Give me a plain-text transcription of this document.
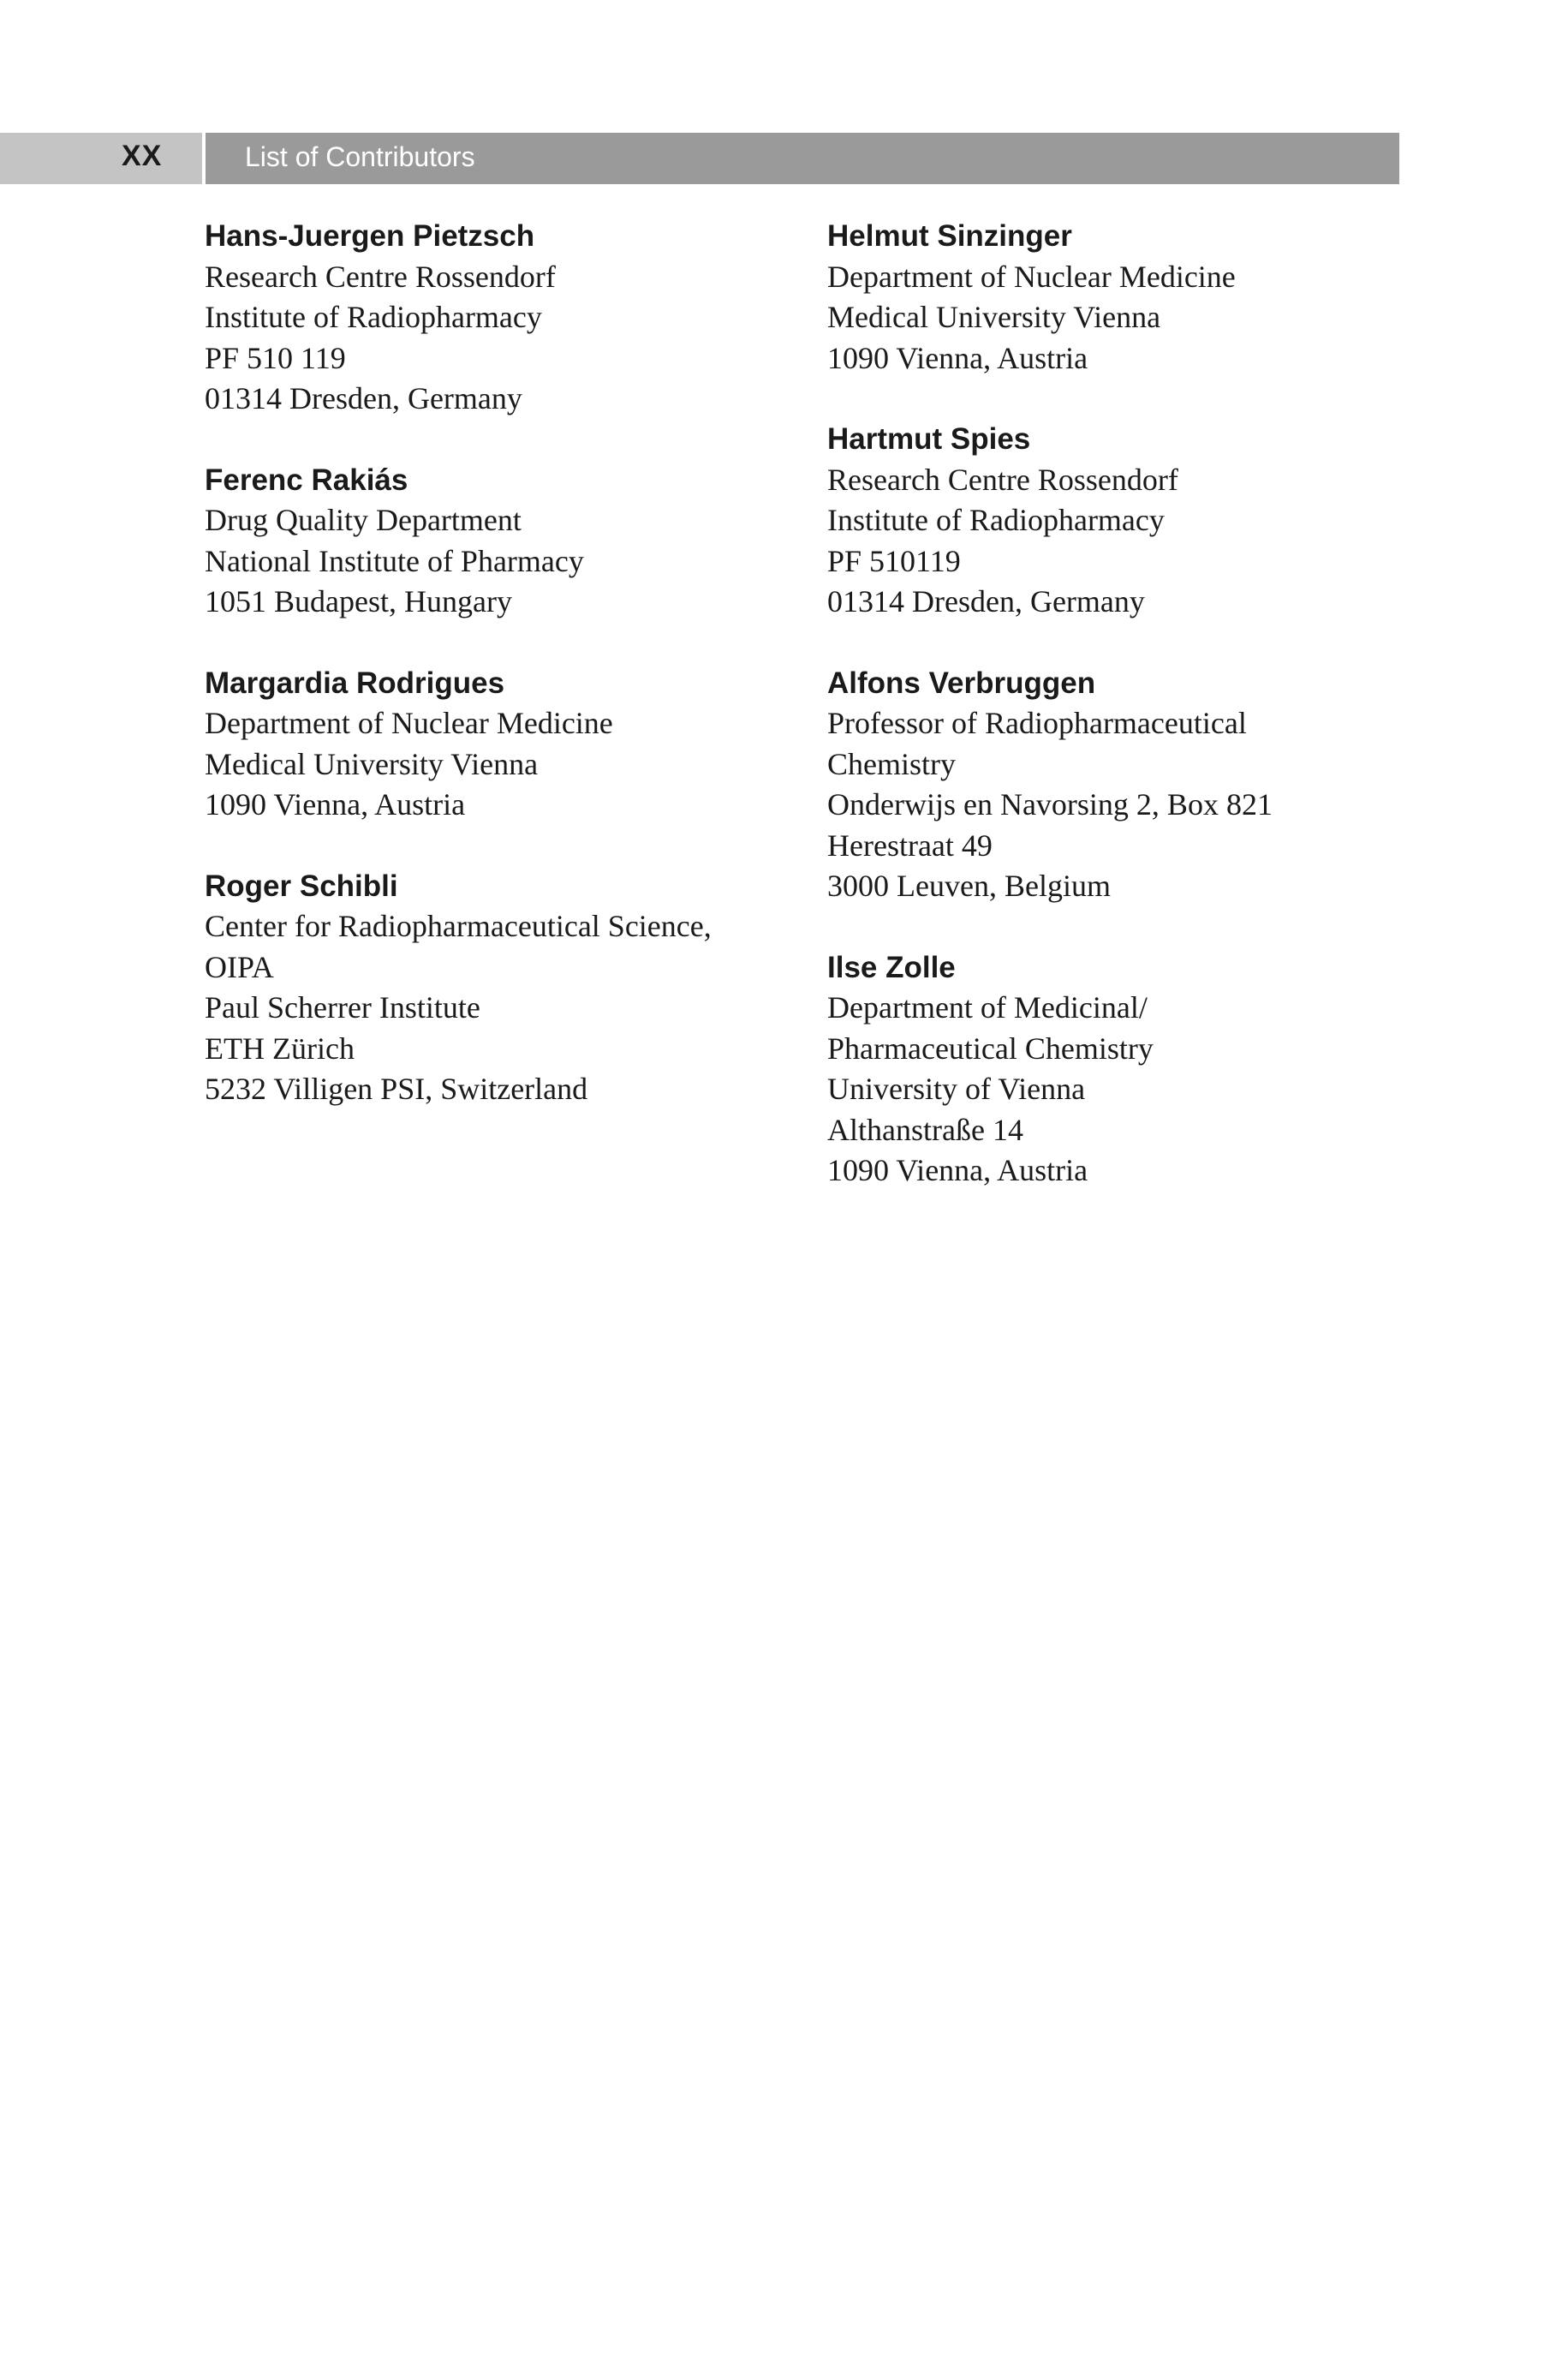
XX	List of Contributors
Hans-Juergen Pietzsch
Research Centre Rossendorf
Institute of Radiopharmacy
PF 510 119
01314 Dresden, Germany
Ferenc Rakiás
Drug Quality Department
National Institute of Pharmacy
1051 Budapest, Hungary
Margardia Rodrigues
Department of Nuclear Medicine
Medical University Vienna
1090 Vienna, Austria
Roger Schibli
Center for Radiopharmaceutical Science,
OIPA
Paul Scherrer Institute
ETH Zürich
5232 Villigen PSI, Switzerland
Helmut Sinzinger
Department of Nuclear Medicine
Medical University Vienna
1090 Vienna, Austria
Hartmut Spies
Research Centre Rossendorf
Institute of Radiopharmacy
PF 510119
01314 Dresden, Germany
Alfons Verbruggen
Professor of Radiopharmaceutical
Chemistry
Onderwijs en Navorsing 2, Box 821
Herestraat 49
3000 Leuven, Belgium
Ilse Zolle
Department of Medicinal/
Pharmaceutical Chemistry
University of Vienna
Althanstraße 14
1090 Vienna, Austria
